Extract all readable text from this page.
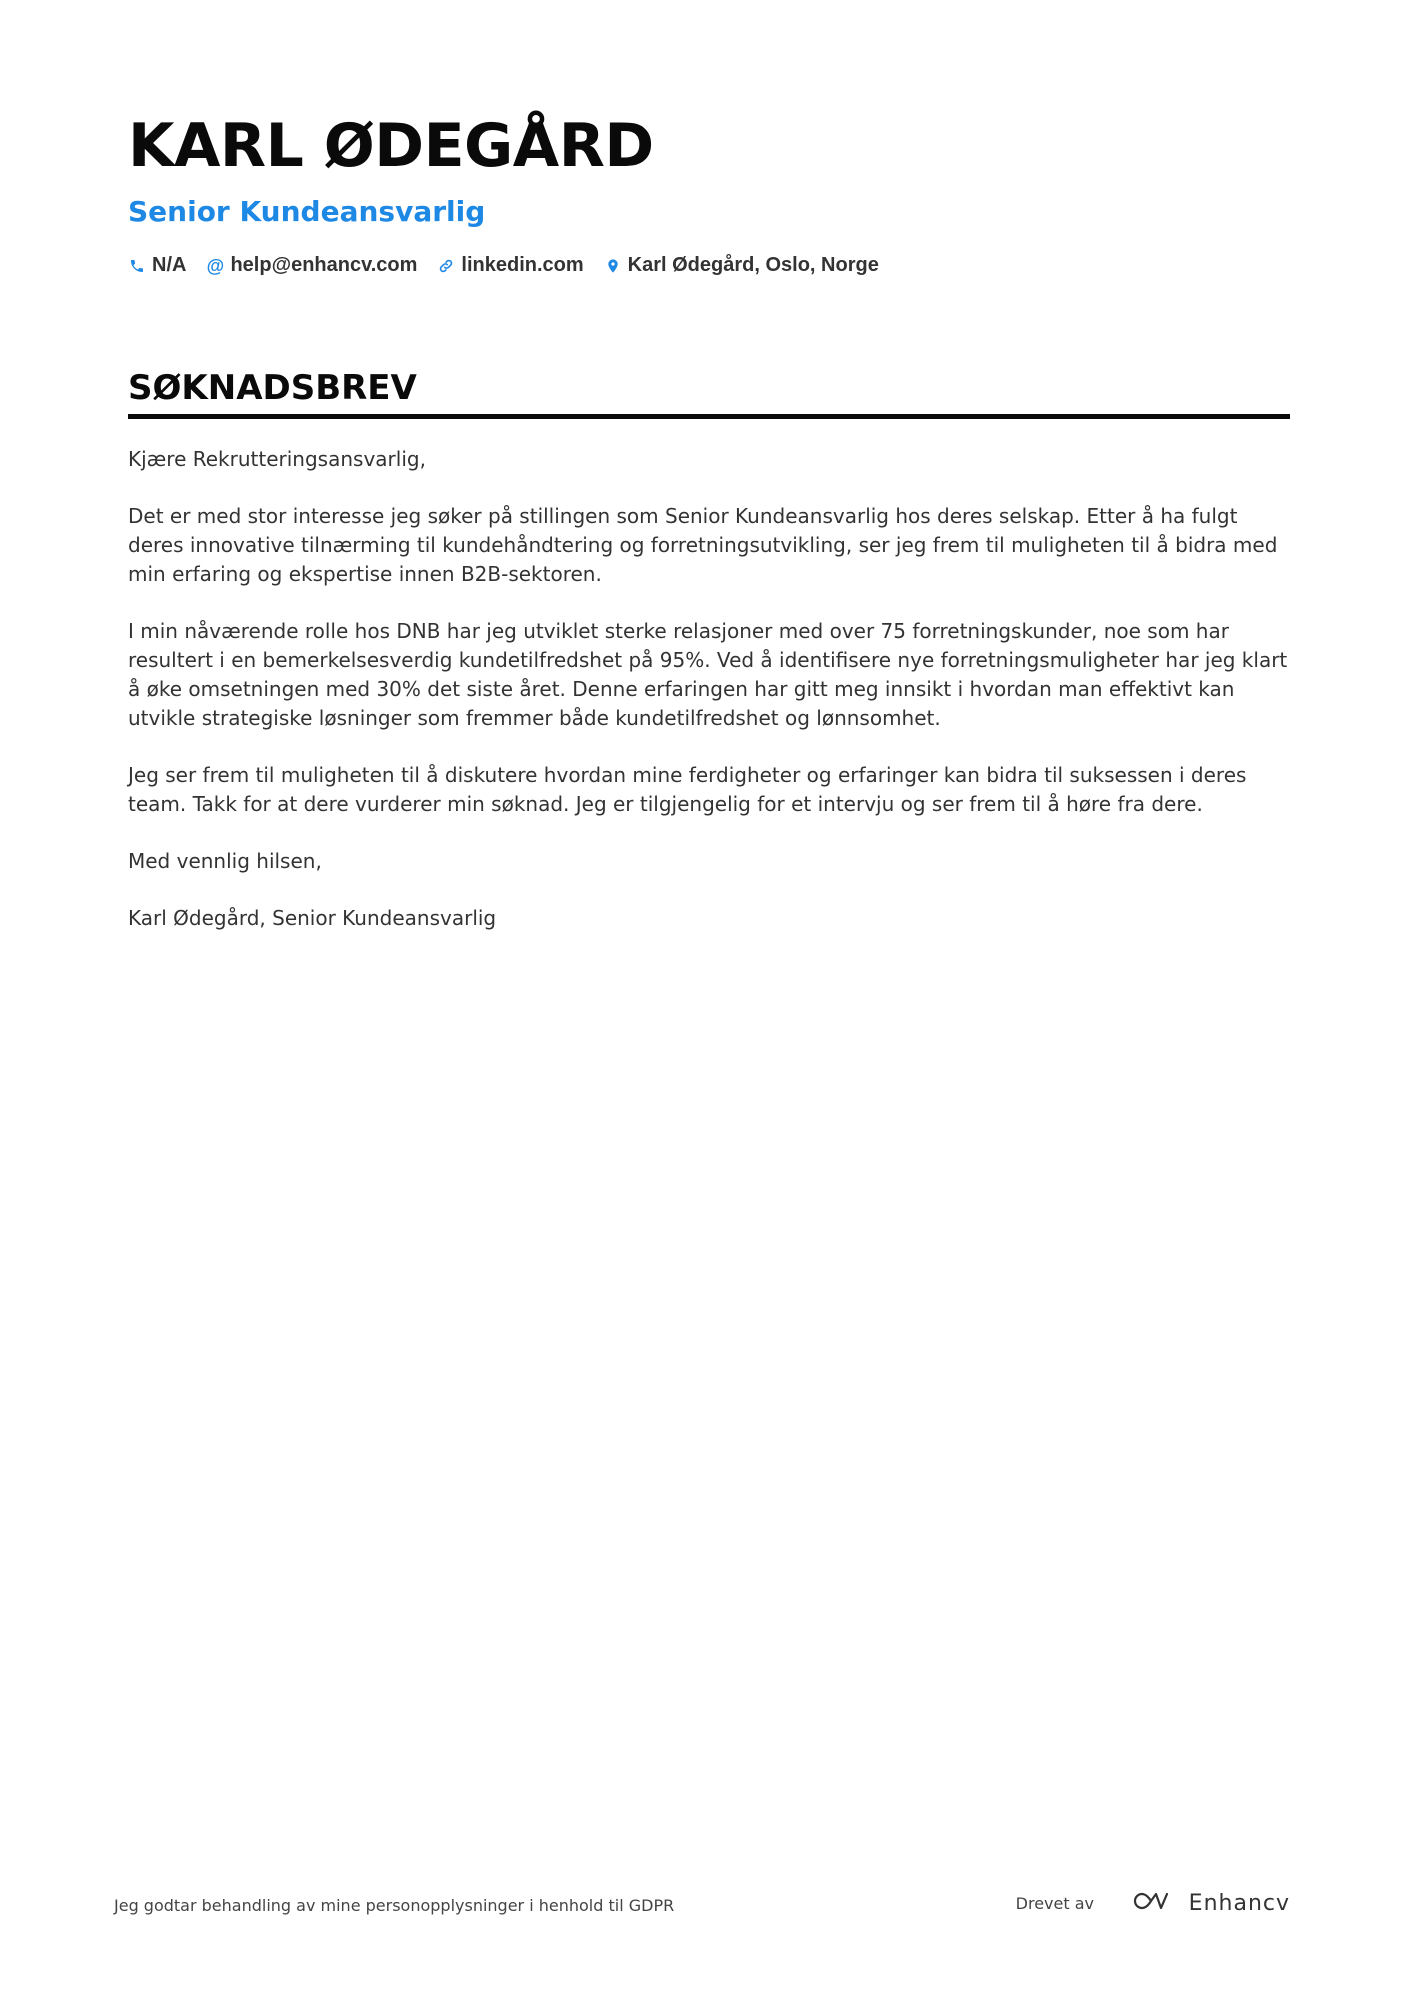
KARL ØDEGÅRD
Senior Kundeansvarlig
N/A @ help@enhancv.com linkedin.com Karl Ødegård, Oslo, Norge
SØKNADSBREV

Kjære Rekrutteringsansvarlig,

Det er med stor interesse jeg søker på stillingen som Senior Kundeansvarlig hos deres selskap. Etter å ha fulgt deres innovative tilnærming til kundehåndtering og forretningsutvikling, ser jeg frem til muligheten til å bidra med min erfaring og ekspertise innen B2B-sektoren.

I min nåværende rolle hos DNB har jeg utviklet sterke relasjoner med over 75 forretningskunder, noe som har resultert i en bemerkelsesverdig kundetilfredshet på 95%. Ved å identifisere nye forretningsmuligheter har jeg klart å øke omsetningen med 30% det siste året. Denne erfaringen har gitt meg innsikt i hvordan man effektivt kan utvikle strategiske løsninger som fremmer både kundetilfredshet og lønnsomhet.

Jeg ser frem til muligheten til å diskutere hvordan mine ferdigheter og erfaringer kan bidra til suksessen i deres team. Takk for at dere vurderer min søknad. Jeg er tilgjengelig for et intervju og ser frem til å høre fra dere.

Med vennlig hilsen,

Karl Ødegård, Senior Kundeansvarlig

Jeg godtar behandling av mine personopplysninger i henhold til GDPR	Drevet av	Enhancv
